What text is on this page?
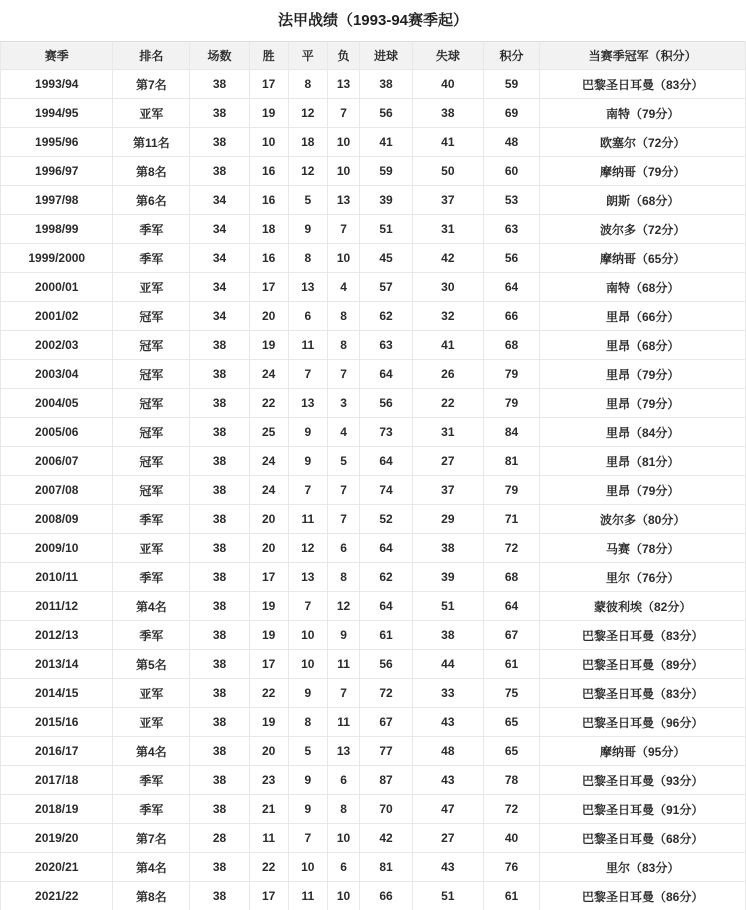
法甲战绩（1993-94赛季起）
赛季	排名	场数	胜	平	负	进球	失球	积分	当赛季冠军（积分）
1993/94	第7名	38	17	8	13	38	40	59	巴黎圣日耳曼（83分）
1994/95	亚军	38	19	12	7	56	38	69	南特（79分）
1995/96	第11名	38	10	18	10	41	41	48	欧塞尔（72分）
1996/97	第8名	38	16	12	10	59	50	60	摩纳哥（79分）
1997/98	第6名	34	16	5	13	39	37	53	朗斯（68分）
1998/99	季军	34	18	9	7	51	31	63	波尔多（72分）
1999/2000	季军	34	16	8	10	45	42	56	摩纳哥（65分）
2000/01	亚军	34	17	13	4	57	30	64	南特（68分）
2001/02	冠军	34	20	6	8	62	32	66	里昂（66分）
2002/03	冠军	38	19	11	8	63	41	68	里昂（68分）
2003/04	冠军	38	24	7	7	64	26	79	里昂（79分）
2004/05	冠军	38	22	13	3	56	22	79	里昂（79分）
2005/06	冠军	38	25	9	4	73	31	84	里昂（84分）
2006/07	冠军	38	24	9	5	64	27	81	里昂（81分）
2007/08	冠军	38	24	7	7	74	37	79	里昂（79分）
2008/09	季军	38	20	11	7	52	29	71	波尔多（80分）
2009/10	亚军	38	20	12	6	64	38	72	马赛（78分）
2010/11	季军	38	17	13	8	62	39	68	里尔（76分）
2011/12	第4名	38	19	7	12	64	51	64	蒙彼利埃（82分）
2012/13	季军	38	19	10	9	61	38	67	巴黎圣日耳曼（83分）
2013/14	第5名	38	17	10	11	56	44	61	巴黎圣日耳曼（89分）
2014/15	亚军	38	22	9	7	72	33	75	巴黎圣日耳曼（83分）
2015/16	亚军	38	19	8	11	67	43	65	巴黎圣日耳曼（96分）
2016/17	第4名	38	20	5	13	77	48	65	摩纳哥（95分）
2017/18	季军	38	23	9	6	87	43	78	巴黎圣日耳曼（93分）
2018/19	季军	38	21	9	8	70	47	72	巴黎圣日耳曼（91分）
2019/20	第7名	28	11	7	10	42	27	40	巴黎圣日耳曼（68分）
2020/21	第4名	38	22	10	6	81	43	76	里尔（83分）
2021/22	第8名	38	17	11	10	66	51	61	巴黎圣日耳曼（86分）
